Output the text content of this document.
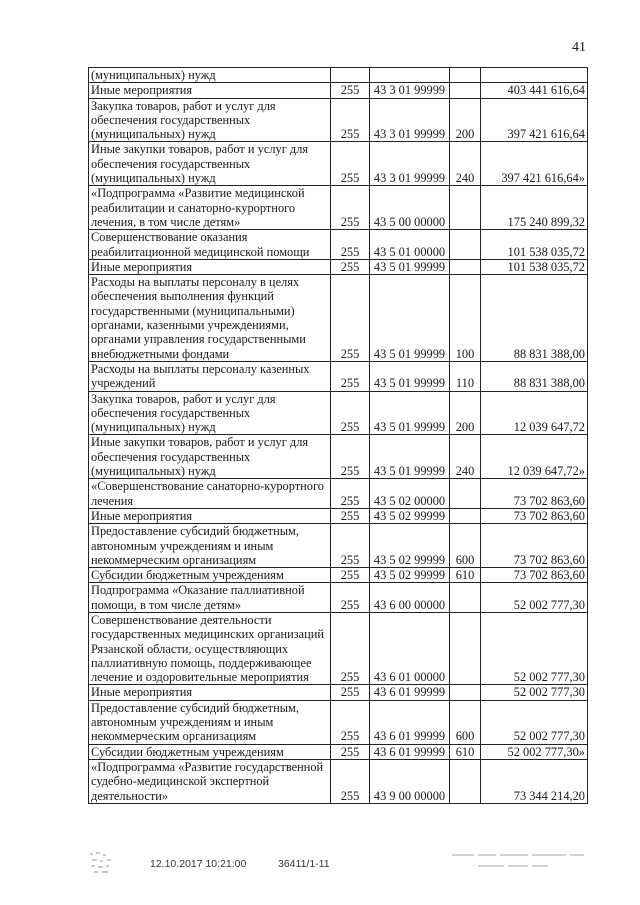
41
(муниципальных) нужд				
Иные мероприятия	255	43 3 01 99999		403 441 616,64
Закупка товаров, работ и услуг для обеспечения государственных (муниципальных) нужд	255	43 3 01 99999	200	397 421 616,64
Иные закупки товаров, работ и услуг для обеспечения государственных (муниципальных) нужд	255	43 3 01 99999	240	397 421 616,64»
«Подпрограмма «Развитие медицинской реабилитации и санаторно-курортного лечения, в том числе детям»	255	43 5 00 00000		175 240 899,32
Совершенствование оказания реабилитационной медицинской помощи	255	43 5 01 00000		101 538 035,72
Иные мероприятия	255	43 5 01 99999		101 538 035,72
Расходы на выплаты персоналу в целях обеспечения выполнения функций государственными (муниципальными) органами, казенными учреждениями, органами управления государственными внебюджетными фондами	255	43 5 01 99999	100	88 831 388,00
Расходы на выплаты персоналу казенных учреждений	255	43 5 01 99999	110	88 831 388,00
Закупка товаров, работ и услуг для обеспечения государственных (муниципальных) нужд	255	43 5 01 99999	200	12 039 647,72
Иные закупки товаров, работ и услуг для обеспечения государственных (муниципальных) нужд	255	43 5 01 99999	240	12 039 647,72»
«Совершенствование санаторно-курортного лечения	255	43 5 02 00000		73 702 863,60
Иные мероприятия	255	43 5 02 99999		73 702 863,60
Предоставление субсидий бюджетным, автономным учреждениям и иным некоммерческим организациям	255	43 5 02 99999	600	73 702 863,60
Субсидии бюджетным учреждениям	255	43 5 02 99999	610	73 702 863,60
Подпрограмма «Оказание паллиативной помощи, в том числе детям»	255	43 6 00 00000		52 002 777,30
Совершенствование деятельности государственных медицинских организаций Рязанской области, осуществляющих паллиативную помощь, поддерживающее лечение и оздоровительные мероприятия	255	43 6 01 00000		52 002 777,30
Иные мероприятия	255	43 6 01 99999		52 002 777,30
Предоставление субсидий бюджетным, автономным учреждениям и иным некоммерческим организациям	255	43 6 01 99999	600	52 002 777,30
Субсидии бюджетным учреждениям	255	43 6 01 99999	610	52 002 777,30»
«Подпрограмма «Развитие государственной судебно-медицинской экспертной деятельности»	255	43 9 00 00000		73 344 214,20
12.10.2017 10:21:00	36411/1-11
